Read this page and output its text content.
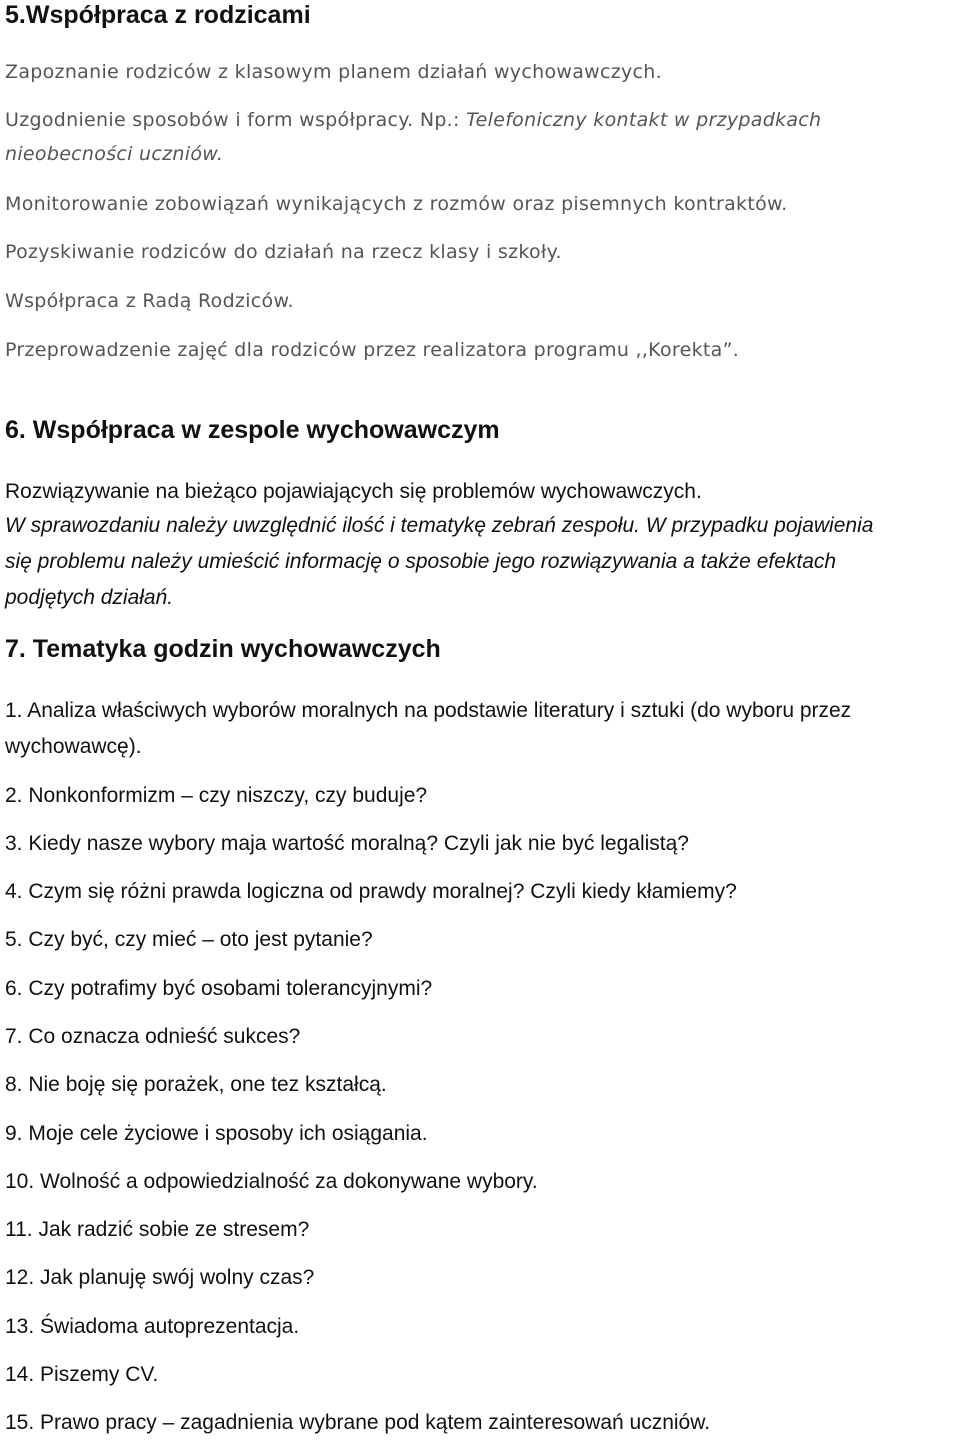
5.Współpraca z rodzicami

Zapoznanie rodziców z klasowym planem działań wychowawczych.

Uzgodnienie sposobów i form współpracy. Np.: Telefoniczny kontakt w przypadkach

nieobecności uczniów.

Monitorowanie zobowiązań wynikających z rozmów oraz pisemnych kontraktów.

Pozyskiwanie rodziców do działań na rzecz klasy i szkoły.

Współpraca z Radą Rodziców.

Przeprowadzenie zajęć dla rodziców przez realizatora programu ,,Korekta”.

6. Współpraca w zespole wychowawczym

Rozwiązywanie na bieżąco pojawiających się problemów wychowawczych.

W sprawozdaniu należy uwzględnić ilość i tematykę zebrań zespołu. W przypadku pojawienia

się problemu należy umieścić informację o sposobie jego rozwiązywania a także efektach

podjętych działań.

7. Tematyka godzin wychowawczych

1. Analiza właściwych wyborów moralnych na podstawie literatury i sztuki (do wyboru przez

wychowawcę).

2. Nonkonformizm – czy niszczy, czy buduje?

3. Kiedy nasze wybory maja wartość moralną? Czyli jak nie być legalistą?

4. Czym się różni prawda logiczna od prawdy moralnej? Czyli kiedy kłamiemy?

5. Czy być, czy mieć – oto jest pytanie?

6. Czy potrafimy być osobami tolerancyjnymi?

7. Co oznacza odnieść sukces?

8. Nie boję się porażek, one tez kształcą.

9. Moje cele życiowe i sposoby ich osiągania.

10. Wolność a odpowiedzialność za dokonywane wybory.

11. Jak radzić sobie ze stresem?

12. Jak planuję swój wolny czas?

13. Świadoma autoprezentacja.

14. Piszemy CV.

15. Prawo pracy – zagadnienia wybrane pod kątem zainteresowań uczniów.
